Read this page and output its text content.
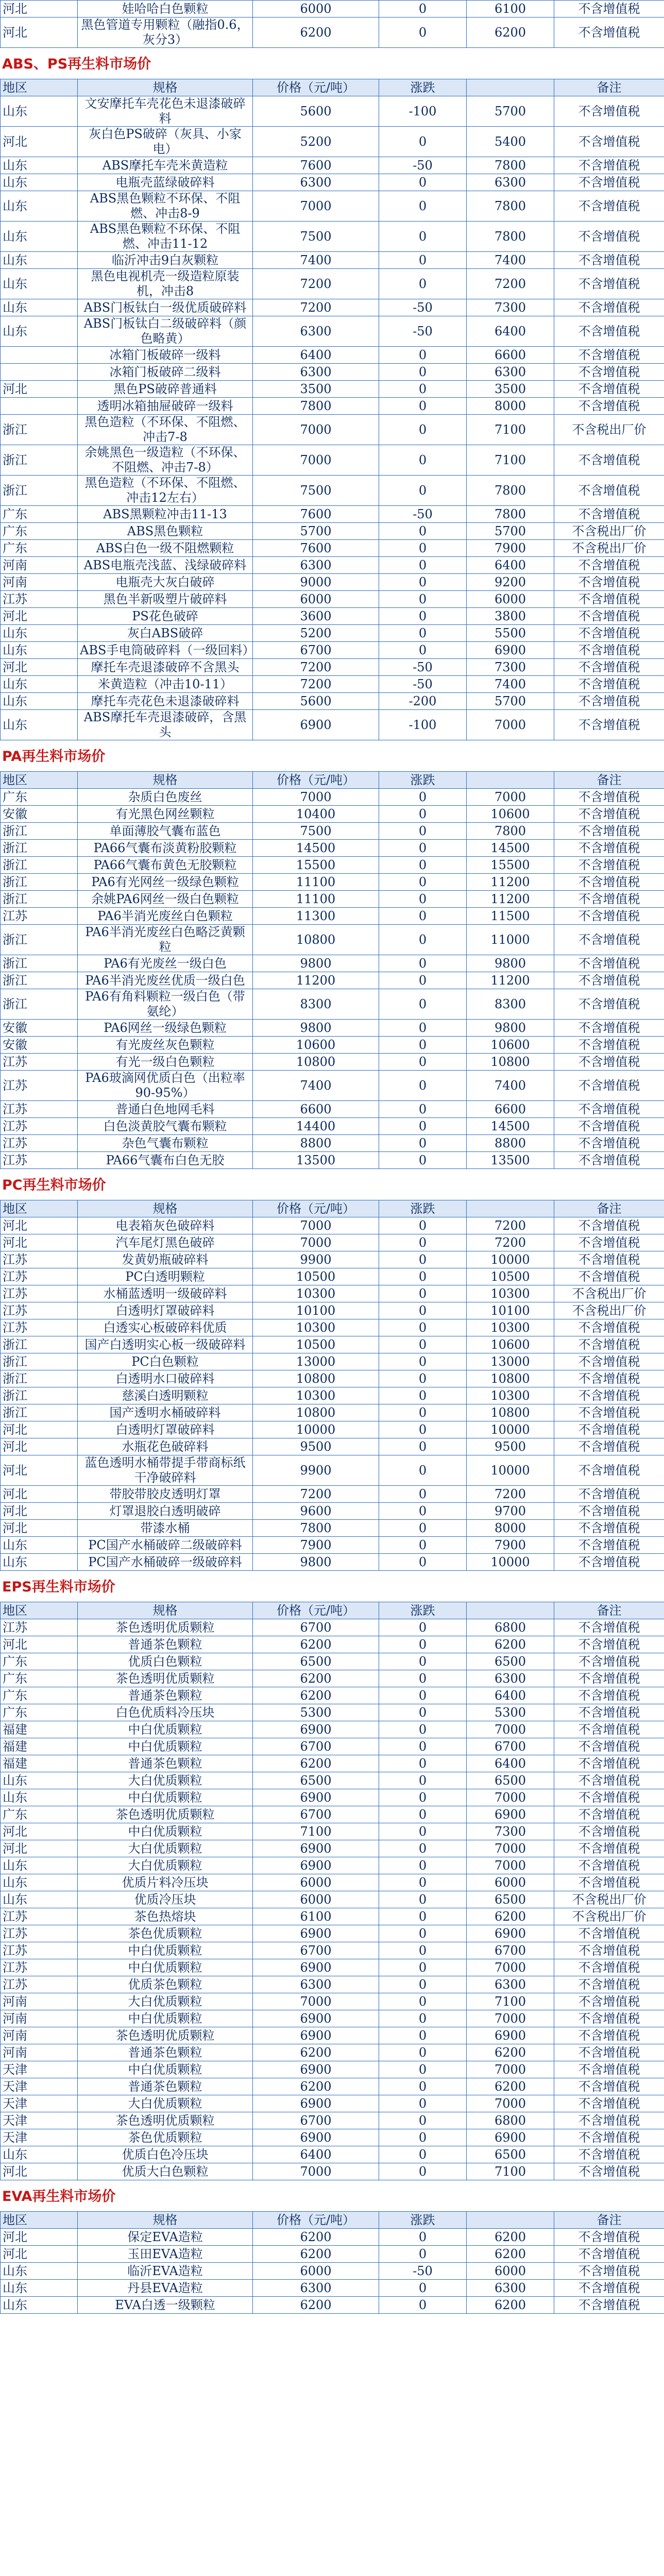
河北	娃哈哈白色颗粒	6000	0	6100	不含增值税
河北	黑色管道专用颗粒（融指0.6，灰分3）	6200	0	6200	不含增值税
ABS、PS再生料市场价
地区	规格	价格（元/吨）	涨跌		备注
山东	文安摩托车壳花色未退漆破碎料	5600	-100	5700	不含增值税
河北	灰白色PS破碎（灰具、小家电）	5200	0	5400	不含增值税
山东	ABS摩托车壳米黄造粒	7600	-50	7800	不含增值税
山东	电瓶壳蓝绿破碎料	6300	0	6300	不含增值税
山东	ABS黑色颗粒不环保、不阻燃、冲击8-9	7000	0	7800	不含增值税
山东	ABS黑色颗粒不环保、不阻燃、冲击11-12	7500	0	7800	不含增值税
山东	临沂冲击9白灰颗粒	7400	0	7400	不含增值税
山东	黑色电视机壳一级造粒原装机，冲击8	7200	0	7200	不含增值税
山东	ABS门板钛白一级优质破碎料	7200	-50	7300	不含增值税
山东	ABS门板钛白二级破碎料（颜色略黄）	6300	-50	6400	不含增值税
	冰箱门板破碎一级料	6400	0	6600	不含增值税
	冰箱门板破碎二级料	6300	0	6300	不含增值税
河北	黑色PS破碎普通料	3500	0	3500	不含增值税
	透明冰箱抽屉破碎一级料	7800	0	8000	不含增值税
浙江	黑色造粒（不环保、不阻燃、冲击7-8	7000	0	7100	不含税出厂价
浙江	余姚黑色一级造粒（不环保、不阻燃、冲击7-8）	7000	0	7100	不含增值税
浙江	黑色造粒（不环保、不阻燃、冲击12左右）	7500	0	7800	不含增值税
广东	ABS黑颗粒冲击11-13	7600	-50	7800	不含增值税
广东	ABS黑色颗粒	5700	0	5700	不含税出厂价
广东	ABS白色一级不阻燃颗粒	7600	0	7900	不含税出厂价
河南	ABS电瓶壳浅蓝、浅绿破碎料	6300	0	6400	不含增值税
河南	电瓶壳大灰白破碎	9000	0	9200	不含增值税
江苏	黑色半新吸塑片破碎料	6000	0	6000	不含增值税
河北	PS花色破碎	3600	0	3800	不含增值税
山东	灰白ABS破碎	5200	0	5500	不含增值税
山东	ABS手电筒破碎料（一级回料）	6700	0	6900	不含增值税
河北	摩托车壳退漆破碎不含黑头	7200	-50	7300	不含增值税
山东	米黄造粒（冲击10-11）	7200	-50	7400	不含增值税
山东	摩托车壳花色未退漆破碎料	5600	-200	5700	不含增值税
山东	ABS摩托车壳退漆破碎，含黑头	6900	-100	7000	不含增值税
PA再生料市场价
地区	规格	价格（元/吨）	涨跌		备注
广东	杂质白色废丝	7000	0	7000	不含增值税
安徽	有光黑色网丝颗粒	10400	0	10600	不含增值税
浙江	单面薄胶气囊布蓝色	7500	0	7800	不含增值税
浙江	PA66气囊布淡黄粉胶颗粒	14500	0	14500	不含增值税
浙江	PA66气囊布黄色无胶颗粒	15500	0	15500	不含增值税
浙江	PA6有光网丝一级绿色颗粒	11100	0	11200	不含增值税
浙江	余姚PA6网丝一级白色颗粒	11100	0	11200	不含增值税
江苏	PA6半消光废丝白色颗粒	11300	0	11500	不含增值税
浙江	PA6半消光废丝白色略泛黄颗粒	10800	0	11000	不含增值税
浙江	PA6有光废丝一级白色	9800	0	9800	不含增值税
浙江	PA6半消光废丝优质一级白色	11200	0	11200	不含增值税
浙江	PA6有角料颗粒一级白色（带氨纶）	8300	0	8300	不含增值税
安徽	PA6网丝一级绿色颗粒	9800	0	9800	不含增值税
安徽	有光废丝灰色颗粒	10600	0	10600	不含增值税
江苏	有光一级白色颗粒	10800	0	10800	不含增值税
江苏	PA6玻滴网优质白色（出粒率90-95%）	7400	0	7400	不含增值税
江苏	普通白色地网毛料	6600	0	6600	不含增值税
江苏	白色淡黄胶气囊布颗粒	14400	0	14500	不含增值税
江苏	杂色气囊布颗粒	8800	0	8800	不含增值税
江苏	PA66气囊布白色无胶	13500	0	13500	不含增值税
PC再生料市场价
地区	规格	价格（元/吨）	涨跌		备注
河北	电表箱灰色破碎料	7000	0	7200	不含增值税
河北	汽车尾灯黑色破碎	7000	0	7200	不含增值税
江苏	发黄奶瓶破碎料	9900	0	10000	不含增值税
江苏	PC白透明颗粒	10500	0	10500	不含增值税
江苏	水桶蓝透明一级破碎料	10300	0	10300	不含税出厂价
江苏	白透明灯罩破碎料	10100	0	10100	不含税出厂价
江苏	白透实心板破碎料优质	10300	0	10300	不含增值税
浙江	国产白透明实心板一级破碎料	10500	0	10600	不含增值税
浙江	PC白色颗粒	13000	0	13000	不含增值税
浙江	白透明水口破碎料	10800	0	10800	不含增值税
浙江	慈溪白透明颗粒	10300	0	10300	不含增值税
浙江	国产透明水桶破碎料	10800	0	10800	不含增值税
河北	白透明灯罩破碎料	10000	0	10000	不含增值税
河北	水瓶花色破碎料	9500	0	9500	不含增值税
河北	蓝色透明水桶带提手带商标纸干净破碎料	9900	0	10000	不含增值税
河北	带胶带胶皮透明灯罩	7200	0	7200	不含增值税
河北	灯罩退胶白透明破碎	9600	0	9700	不含增值税
河北	带漆水桶	7800	0	8000	不含增值税
山东	PC国产水桶破碎二级破碎料	7900	0	7900	不含增值税
山东	PC国产水桶破碎一级破碎料	9800	0	10000	不含增值税
EPS再生料市场价
地区	规格	价格（元/吨）	涨跌		备注
江苏	茶色透明优质颗粒	6700	0	6800	不含增值税
河北	普通茶色颗粒	6200	0	6200	不含增值税
广东	优质白色颗粒	6500	0	6500	不含增值税
广东	茶色透明优质颗粒	6200	0	6300	不含增值税
广东	普通茶色颗粒	6200	0	6400	不含增值税
广东	白色优质料冷压块	5300	0	5300	不含增值税
福建	中白优质颗粒	6900	0	7000	不含增值税
福建	中白优质颗粒	6700	0	6700	不含增值税
福建	普通茶色颗粒	6200	0	6400	不含增值税
山东	大白优质颗粒	6500	0	6500	不含增值税
山东	中白优质颗粒	6900	0	7000	不含增值税
广东	茶色透明优质颗粒	6700	0	6900	不含增值税
河北	中白优质颗粒	7100	0	7300	不含增值税
河北	大白优质颗粒	6900	0	7000	不含增值税
山东	大白优质颗粒	6900	0	7000	不含增值税
山东	优质片料冷压块	6000	0	6000	不含增值税
山东	优质冷压块	6000	0	6500	不含税出厂价
江苏	茶色热熔块	6100	0	6200	不含税出厂价
江苏	茶色优质颗粒	6900	0	6900	不含增值税
江苏	中白优质颗粒	6700	0	6700	不含增值税
江苏	中白优质颗粒	6900	0	7000	不含增值税
江苏	优质茶色颗粒	6300	0	6300	不含增值税
河南	大白优质颗粒	7000	0	7100	不含增值税
河南	中白优质颗粒	6900	0	7000	不含增值税
河南	茶色透明优质颗粒	6900	0	6900	不含增值税
河南	普通茶色颗粒	6200	0	6200	不含增值税
天津	中白优质颗粒	6900	0	7000	不含增值税
天津	普通茶色颗粒	6200	0	6200	不含增值税
天津	大白优质颗粒	6900	0	7000	不含增值税
天津	茶色透明优质颗粒	6700	0	6800	不含增值税
天津	茶色优质颗粒	6900	0	6900	不含增值税
山东	优质白色冷压块	6400	0	6500	不含增值税
河北	优质大白色颗粒	7000	0	7100	不含增值税
EVA再生料市场价
地区	规格	价格（元/吨）	涨跌		备注
河北	保定EVA造粒	6200	0	6200	不含增值税
河北	玉田EVA造粒	6200	0	6200	不含增值税
山东	临沂EVA造粒	6000	-50	6000	不含增值税
山东	丹县EVA造粒	6300	0	6300	不含增值税
山东	EVA白透一级颗粒	6200	0	6200	不含增值税
